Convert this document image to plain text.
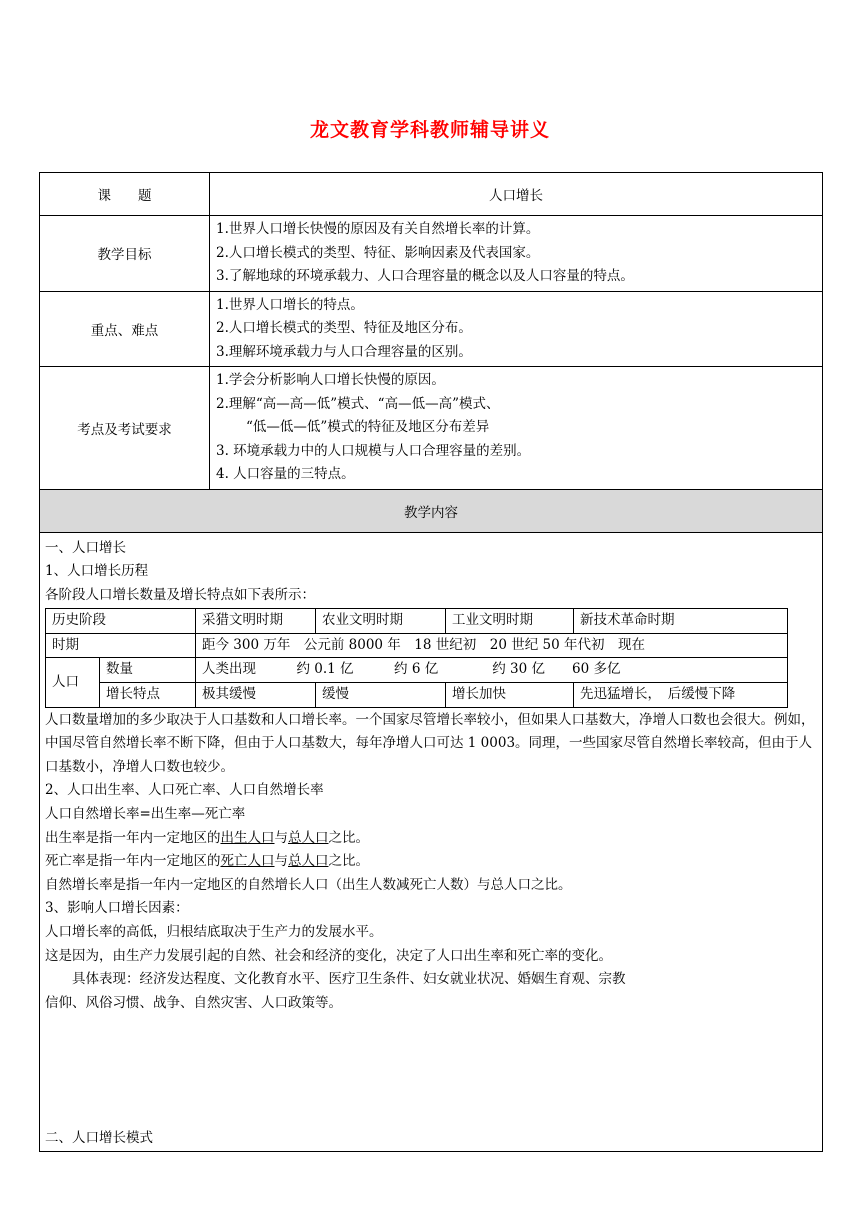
龙文教育学科教师辅导讲义
课　　题	人口增长
教学目标	
1.世界人口增长快慢的原因及有关自然增长率的计算。
2.人口增长模式的类型、特征、影响因素及代表国家。
3.了解地球的环境承载力、人口合理容量的概念以及人口容量的特点。

重点、难点	
1.世界人口增长的特点。
2.人口增长模式的类型、特征及地区分布。
3.理解环境承载力与人口合理容量的区别。

考点及考试要求	
1.学会分析影响人口增长快慢的原因。
2.理解“高—高—低”模式、“高—低—高”模式、
“低—低—低”模式的特征及地区分布差异
3. 环境承载力中的人口规模与人口合理容量的差别。
4. 人口容量的三特点。

教学内容

一、人口增长

1、人口增长历程

各阶段人口增长数量及增长特点如下表所示：

历史阶段	采猎文明时期	农业文明时期	工业文明时期	新技术革命时期
时期	距今 300 万年　公元前 8000 年　18 世纪初　20 世纪 50 年代初　现在
人口	数量	人类出现　　　约 0.1 亿　　　约 6 亿　　　　约 30 亿　　60 多亿
增长特点	极其缓慢	缓慢	增长加快	先迅猛增长，　后缓慢下降

人口数量增加的多少取决于人口基数和人口增长率。一个国家尽管增长率较小，但如果人口基数大，净增人口数也会很大。例如，中国尽管自然增长率不断下降，但由于人口基数大，每年净增人口可达 1 0003。同理，一些国家尽管自然增长率较高，但由于人口基数小，净增人口数也较少。

2、人口出生率、人口死亡率、人口自然增长率

人口自然增长率=出生率—死亡率

出生率是指一年内一定地区的出生人口与总人口之比。

死亡率是指一年内一定地区的死亡人口与总人口之比。

自然增长率是指一年内一定地区的自然增长人口（出生人数减死亡人数）与总人口之比。

3、影响人口增长因素：

人口增长率的高低，归根结底取决于生产力的发展水平。

这是因为，由生产力发展引起的自然、社会和经济的变化，决定了人口出生率和死亡率的变化。

具体表现：经济发达程度、文化教育水平、医疗卫生条件、妇女就业状况、婚姻生育观、宗教

信仰、风俗习惯、战争、自然灾害、人口政策等。

二、人口增长模式
